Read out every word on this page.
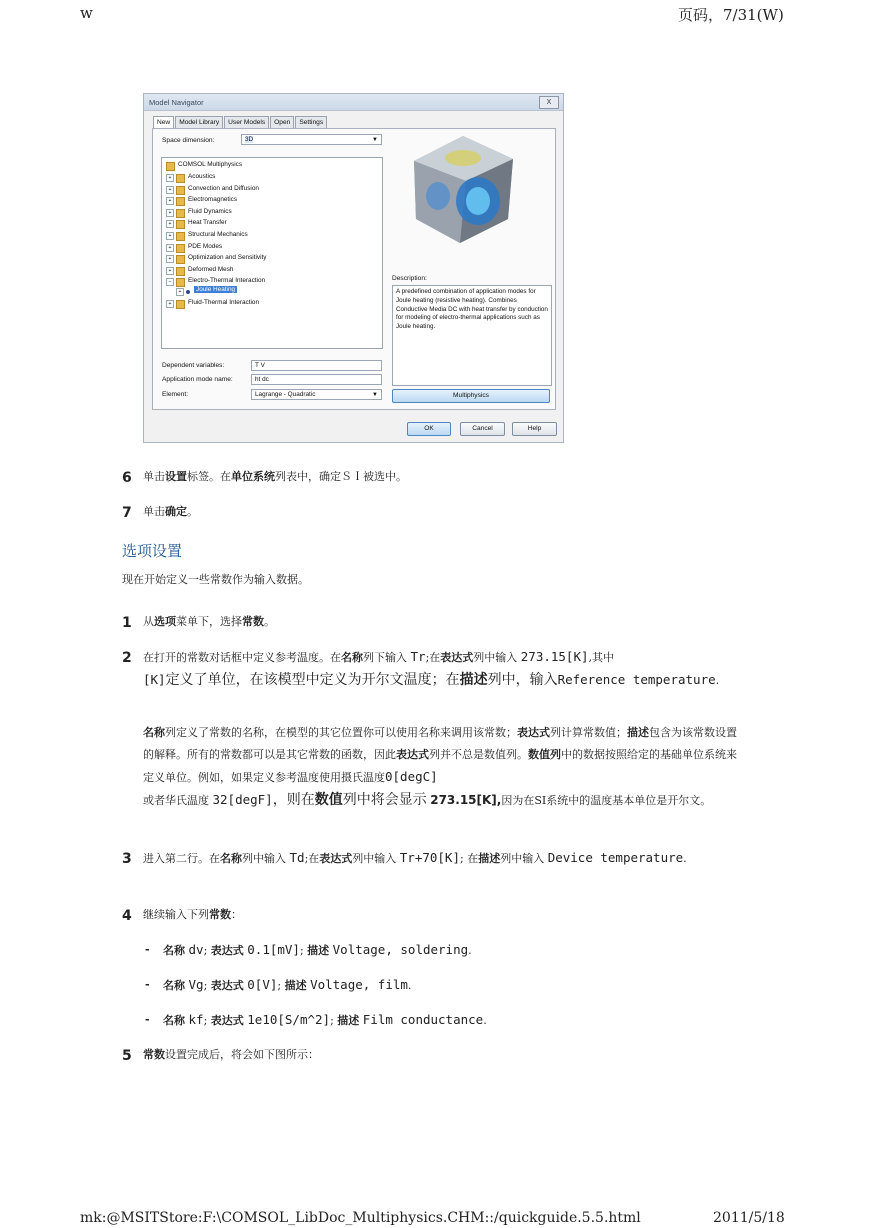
w	页码，7/31(W)
Model Navigator	X
New	Model Library	User Models	Open	Settings
Space dimension:	3D	▼
COMSOL Multiphysics
+	Acoustics
+	Convection and Diffusion
+	Electromagnetics
+	Fluid Dynamics
+	Heat Transfer
+	Structural Mechanics
+	PDE Modes
+	Optimization and Sensitivity
+	Deformed Mesh
−	Electro-Thermal Interaction
+	Joule Heating
+	Fluid-Thermal Interaction
Description:
A predefined combination of application modes for Joule heating (resistive heating). Combines Conductive Media DC with heat transfer by conduction for modeling of electro-thermal applications such as Joule heating.
Dependent variables:	T V
Application mode name:	ht dc
Element:	Lagrange - Quadratic	▼	Multiphysics
OK	Cancel	Help
6 单击设置标签。在单位系统列表中，确定ＳＩ被选中。
7 单击确定。
选项设置
现在开始定义一些常数作为输入数据。
1 从选项菜单下，选择常数。
2 在打开的常数对话框中定义参考温度。在名称列下输入 Tr;在表达式列中输入 273.15[K],其中
[K]定义了单位，在该模型中定义为开尔文温度；在描述列中，输入Reference temperature.
名称列定义了常数的名称，在模型的其它位置你可以使用名称来调用该常数；表达式列计算常数值；描述包含为该常数设置的解释。所有的常数都可以是其它常数的函数，因此表达式列并不总是数值列。数值列中的数据按照给定的基础单位系统来定义单位。例如，如果定义参考温度使用摄氏温度0[degC]
或者华氏温度 32[degF]，则在数值列中将会显示 273.15[K],因为在SI系统中的温度基本单位是开尔文。
3 进入第二行。在名称列中输入 Td;在表达式列中输入 Tr+70[K]; 在描述列中输入 Device temperature.
4 继续输入下列常数：
- 名称 dv; 表达式 0.1[mV]; 描述 Voltage, soldering.
- 名称 Vg; 表达式 0[V]; 描述 Voltage, film.
- 名称 kf; 表达式 1e10[S/m^2]; 描述 Film conductance.
5 常数设置完成后，将会如下图所示：
mk:@MSITStore:F:\COMSOL_LibDoc_Multiphysics.CHM::/quickguide.5.5.html	2011/5/18
